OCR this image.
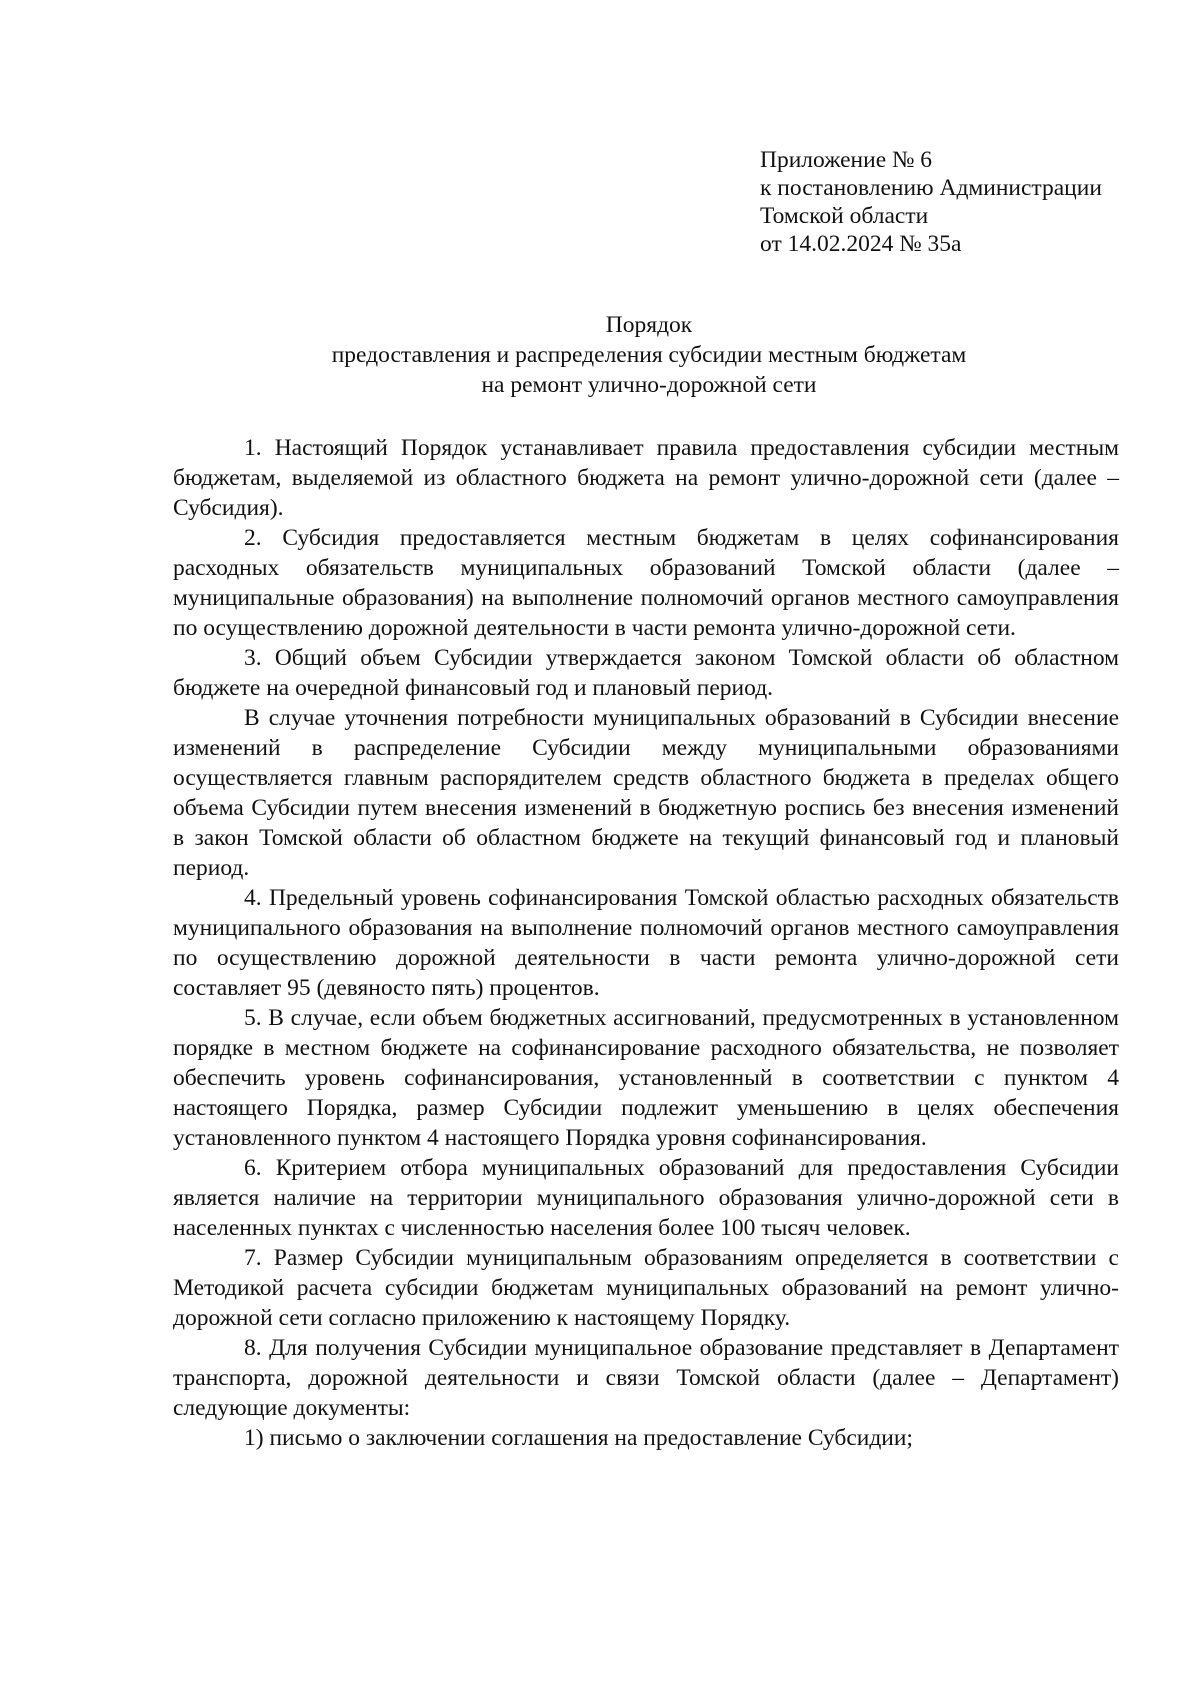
Приложение № 6
к постановлению Администрации
Томской области
от 14.02.2024 № 35а
Порядок
предоставления и распределения субсидии местным бюджетам
на ремонт улично-дорожной сети

1. Настоящий Порядок устанавливает правила предоставления субсидии местным бюджетам, выделяемой из областного бюджета на ремонт улично-дорожной сети (далее – Субсидия).

2. Субсидия предоставляется местным бюджетам в целях софинансирования расходных обязательств муниципальных образований Томской области (далее – муниципальные образования) на выполнение полномочий органов местного самоуправления по осуществлению дорожной деятельности в части ремонта улично-дорожной сети.

3. Общий объем Субсидии утверждается законом Томской области об областном бюджете на очередной финансовый год и плановый период.

В случае уточнения потребности муниципальных образований в Субсидии внесение изменений в распределение Субсидии между муниципальными образованиями осуществляется главным распорядителем средств областного бюджета в пределах общего объема Субсидии путем внесения изменений в бюджетную роспись без внесения изменений в закон Томской области об областном бюджете на текущий финансовый год и плановый период.

4. Предельный уровень софинансирования Томской областью расходных обязательств муниципального образования на выполнение полномочий органов местного самоуправления по осуществлению дорожной деятельности в части ремонта улично-дорожной сети составляет 95 (девяносто пять) процентов.

5. В случае, если объем бюджетных ассигнований, предусмотренных в установленном порядке в местном бюджете на софинансирование расходного обязательства, не позволяет обеспечить уровень софинансирования, установленный в соответствии с пунктом 4 настоящего Порядка, размер Субсидии подлежит уменьшению в целях обеспечения установленного пунктом 4 настоящего Порядка уровня софинансирования.

6. Критерием отбора муниципальных образований для предоставления Субсидии является наличие на территории муниципального образования улично-дорожной сети в населенных пунктах с численностью населения более 100 тысяч человек.

7. Размер Субсидии муниципальным образованиям определяется в соответствии с Методикой расчета субсидии бюджетам муниципальных образований на ремонт улично-дорожной сети согласно приложению к настоящему Порядку.

8. Для получения Субсидии муниципальное образование представляет в Департамент транспорта, дорожной деятельности и связи Томской области (далее – Департамент) следующие документы:

1) письмо о заключении соглашения на предоставление Субсидии;
